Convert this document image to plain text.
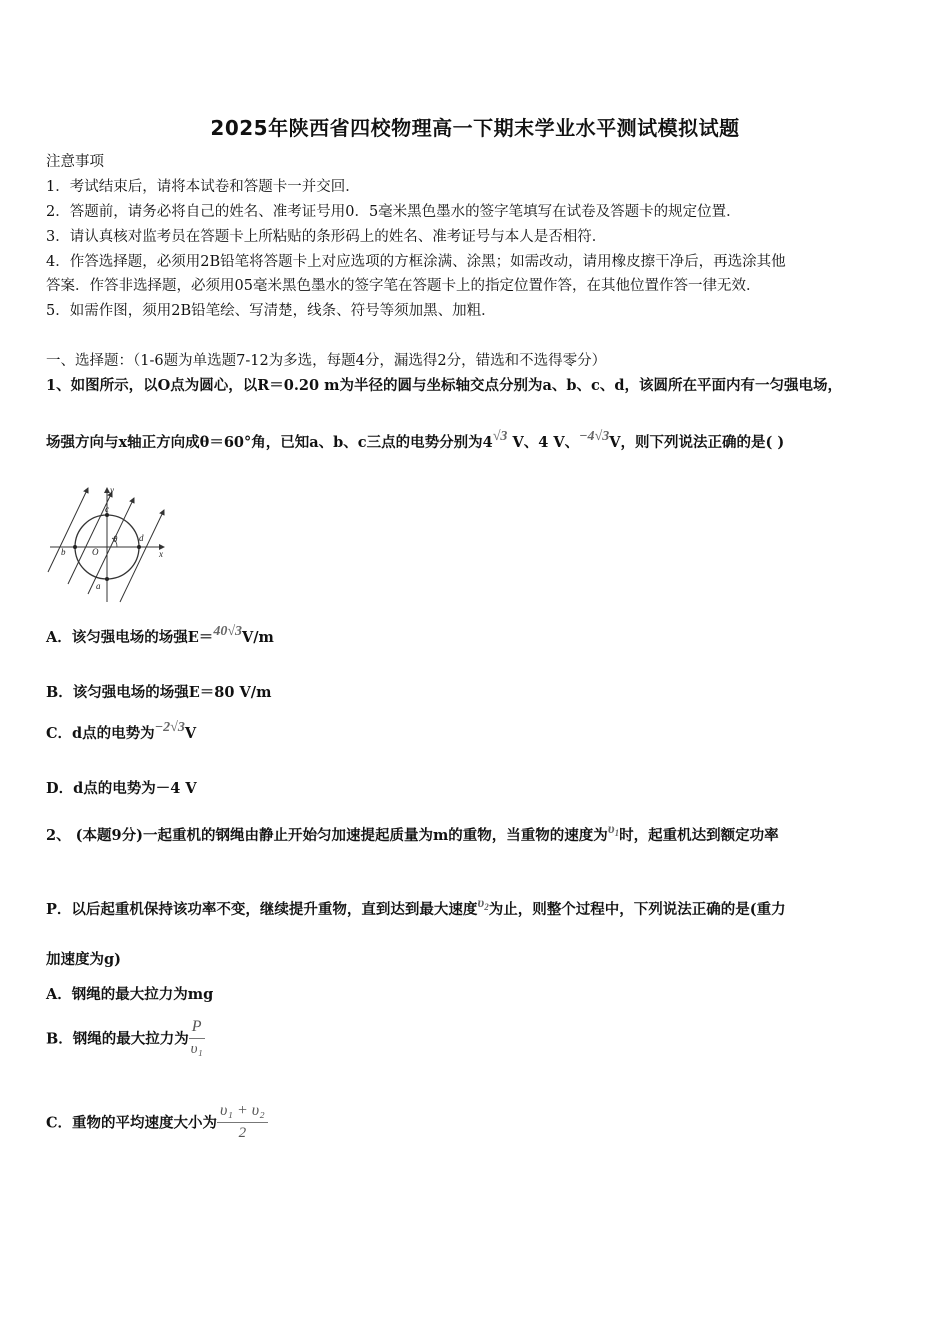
2025年陕西省四校物理高一下期末学业水平测试模拟试题
注意事项
1．考试结束后，请将本试卷和答题卡一并交回．
2．答题前，请务必将自己的姓名、准考证号用0．5毫米黑色墨水的签字笔填写在试卷及答题卡的规定位置．
3．请认真核对监考员在答题卡上所粘贴的条形码上的姓名、准考证号与本人是否相符．
4．作答选择题，必须用2B铅笔将答题卡上对应选项的方框涂满、涂黑；如需改动，请用橡皮擦干净后，再选涂其他
答案．作答非选择题，必须用05毫米黑色墨水的签字笔在答题卡上的指定位置作答，在其他位置作答一律无效．
5．如需作图，须用2B铅笔绘、写清楚，线条、符号等须加黑、加粗．
一、选择题：（1-6题为单选题7-12为多选，每题4分，漏选得2分，错选和不选得零分）
1、如图所示，以O点为圆心，以R＝0.20 m为半径的圆与坐标轴交点分别为a、b、c、d，该圆所在平面内有一匀强电场，
场强方向与x轴正方向成θ＝60°角，已知a、b、c三点的电势分别为4√3 V、4 V、−4√3V，则下列说法正确的是( )
y
x
c
d
b
a
O
θ
A．该匀强电场的场强E＝40√3V/m
B．该匀强电场的场强E＝80 V/m
C．d点的电势为−2√3V
D．d点的电势为－4 V
2、 (本题9分)一起重机的钢绳由静止开始匀加速提起质量为m的重物，当重物的速度为$\upsilon_1$时，起重机达到额定功率
P．以后起重机保持该功率不变，继续提升重物，直到达到最大速度$\upsilon_2$为止，则整个过程中，下列说法正确的是(重力
加速度为g)
A．钢绳的最大拉力为mg
B．钢绳的最大拉力为 $\frac{P}{\text{υ₁}}$
C．重物的平均速度大小为 $\frac{\text{υ₁ + υ₂}}{2}$
